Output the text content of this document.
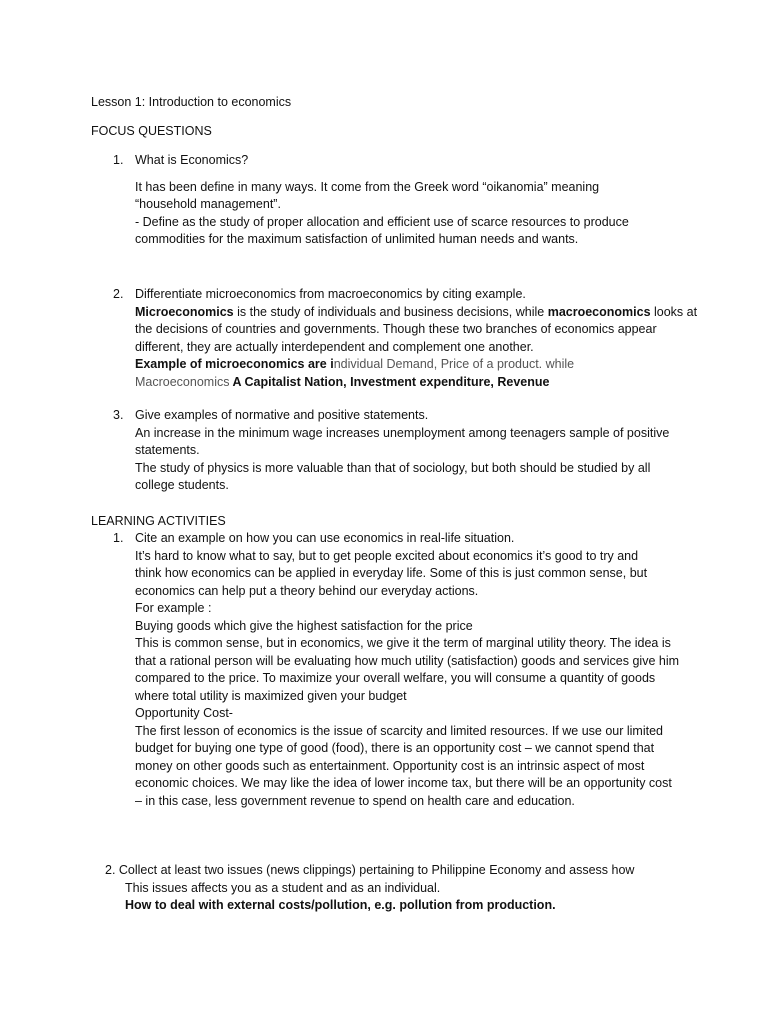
Lesson 1: Introduction to economics
FOCUS QUESTIONS
1. What is Economics?
It has been define in many ways. It come from the Greek word “oikanomia” meaning “household management”.
- Define as the study of proper allocation and efficient use of scarce resources to produce commodities for the maximum satisfaction of unlimited human needs and wants.
2. Differentiate microeconomics from macroeconomics by citing example.
Microeconomics is the study of individuals and business decisions, while macroeconomics looks at the decisions of countries and governments. Though these two branches of economics appear different, they are actually interdependent and complement one another.
Example of microeconomics are individual Demand, Price of a product. while Macroeconomics A Capitalist Nation, Investment expenditure, Revenue
3. Give examples of normative and positive statements.
An increase in the minimum wage increases unemployment among teenagers sample of positive statements.
The study of physics is more valuable than that of sociology, but both should be studied by all college students.
LEARNING ACTIVITIES
1. Cite an example on how you can use economics in real-life situation.
It’s hard to know what to say, but to get people excited about economics it’s good to try and think how economics can be applied in everyday life. Some of this is just common sense, but economics can help put a theory behind our everyday actions.
For example :
Buying goods which give the highest satisfaction for the price
This is common sense, but in economics, we give it the term of marginal utility theory. The idea is that a rational person will be evaluating how much utility (satisfaction) goods and services give him compared to the price. To maximize your overall welfare, you will consume a quantity of goods where total utility is maximized given your budget
Opportunity Cost-
The first lesson of economics is the issue of scarcity and limited resources. If we use our limited budget for buying one type of good (food), there is an opportunity cost – we cannot spend that money on other goods such as entertainment. Opportunity cost is an intrinsic aspect of most economic choices. We may like the idea of lower income tax, but there will be an opportunity cost – in this case, less government revenue to spend on health care and education.
2. Collect at least two issues (news clippings) pertaining to Philippine Economy and assess how
This issues affects you as a student and as an individual.
How to deal with external costs/pollution, e.g. pollution from production.
